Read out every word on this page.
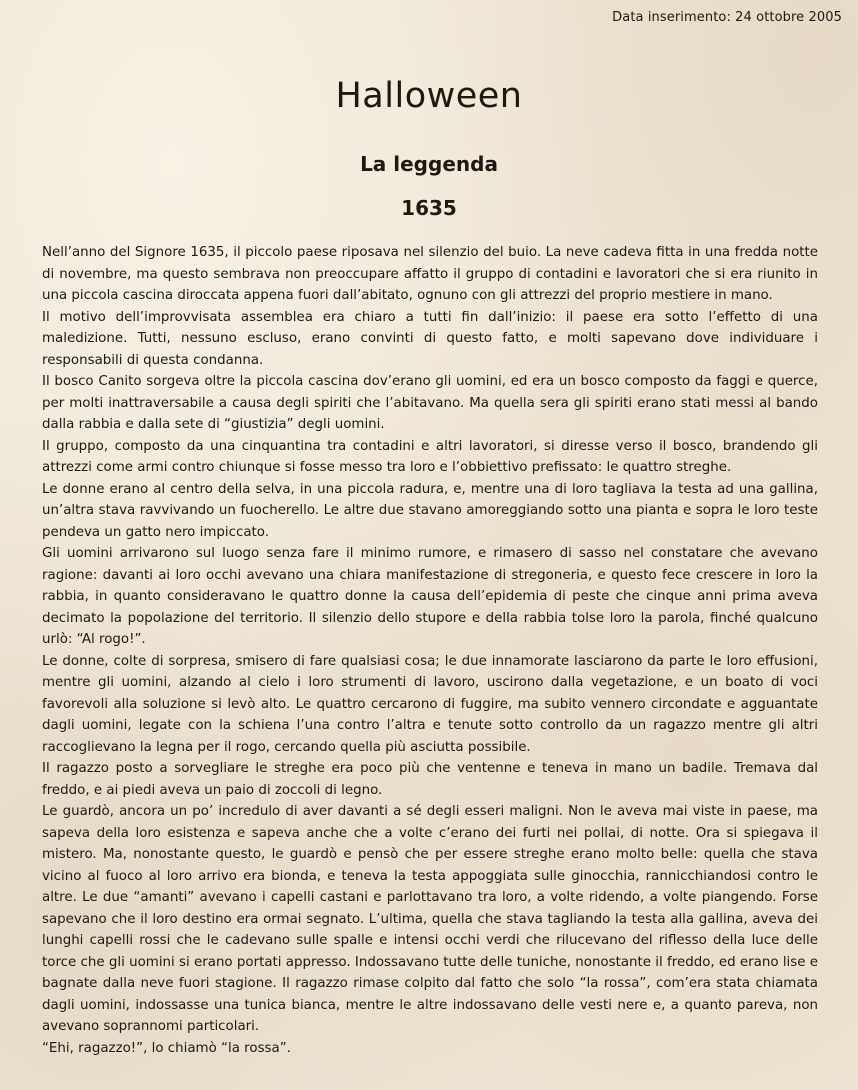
Data inserimento: 24 ottobre 2005
Halloween
La leggenda
1635

Nell’anno del Signore 1635, il piccolo paese riposava nel silenzio del buio. La neve cadeva fitta in una fredda notte di novembre, ma questo sembrava non preoccupare affatto il gruppo di contadini e lavoratori che si era riunito in una piccola cascina diroccata appena fuori dall’abitato, ognuno con gli attrezzi del proprio mestiere in mano.

Il motivo dell’improvvisata assemblea era chiaro a tutti fin dall’inizio: il paese era sotto l’effetto di una maledizione. Tutti, nessuno escluso, erano convinti di questo fatto, e molti sapevano dove individuare i responsabili di questa condanna.

Il bosco Canito sorgeva oltre la piccola cascina dov’erano gli uomini, ed era un bosco composto da faggi e querce, per molti inattraversabile a causa degli spiriti che l’abitavano. Ma quella sera gli spiriti erano stati messi al bando dalla rabbia e dalla sete di “giustizia” degli uomini.

Il gruppo, composto da una cinquantina tra contadini e altri lavoratori, si diresse verso il bosco, brandendo gli attrezzi come armi contro chiunque si fosse messo tra loro e l’obbiettivo prefissato: le quattro streghe.

Le donne erano al centro della selva, in una piccola radura, e, mentre una di loro tagliava la testa ad una gallina, un’altra stava ravvivando un fuocherello. Le altre due stavano amoreggiando sotto una pianta e sopra le loro teste pendeva un gatto nero impiccato.

Gli uomini arrivarono sul luogo senza fare il minimo rumore, e rimasero di sasso nel constatare che avevano ragione: davanti ai loro occhi avevano una chiara manifestazione di stregoneria, e questo fece crescere in loro la rabbia, in quanto consideravano le quattro donne la causa dell’epidemia di peste che cinque anni prima aveva decimato la popolazione del territorio. Il silenzio dello stupore e della rabbia tolse loro la parola, finché qualcuno urlò: “Al rogo!”.

Le donne, colte di sorpresa, smisero di fare qualsiasi cosa; le due innamorate lasciarono da parte le loro effusioni, mentre gli uomini, alzando al cielo i loro strumenti di lavoro, uscirono dalla vegetazione, e un boato di voci favorevoli alla soluzione si levò alto. Le quattro cercarono di fuggire, ma subito vennero circondate e agguantate dagli uomini, legate con la schiena l’una contro l’altra e tenute sotto controllo da un ragazzo mentre gli altri raccoglievano la legna per il rogo, cercando quella più asciutta possibile.

Il ragazzo posto a sorvegliare le streghe era poco più che ventenne e teneva in mano un badile. Tremava dal freddo, e ai piedi aveva un paio di zoccoli di legno.

Le guardò, ancora un po’ incredulo di aver davanti a sé degli esseri maligni. Non le aveva mai viste in paese, ma sapeva della loro esistenza e sapeva anche che a volte c’erano dei furti nei pollai, di notte. Ora si spiegava il mistero. Ma, nonostante questo, le guardò e pensò che per essere streghe erano molto belle: quella che stava vicino al fuoco al loro arrivo era bionda, e teneva la testa appoggiata sulle ginocchia, rannicchiandosi contro le altre. Le due “amanti” avevano i capelli castani e parlottavano tra loro, a volte ridendo, a volte piangendo. Forse sapevano che il loro destino era ormai segnato. L’ultima, quella che stava tagliando la testa alla gallina, aveva dei lunghi capelli rossi che le cadevano sulle spalle e intensi occhi verdi che rilucevano del riflesso della luce delle torce che gli uomini si erano portati appresso. Indossavano tutte delle tuniche, nonostante il freddo, ed erano lise e bagnate dalla neve fuori stagione. Il ragazzo rimase colpito dal fatto che solo “la rossa”, com’era stata chiamata dagli uomini, indossasse una tunica bianca, mentre le altre indossavano delle vesti nere e, a quanto pareva, non avevano soprannomi particolari.

“Ehi, ragazzo!”, lo chiamò “la rossa”.
